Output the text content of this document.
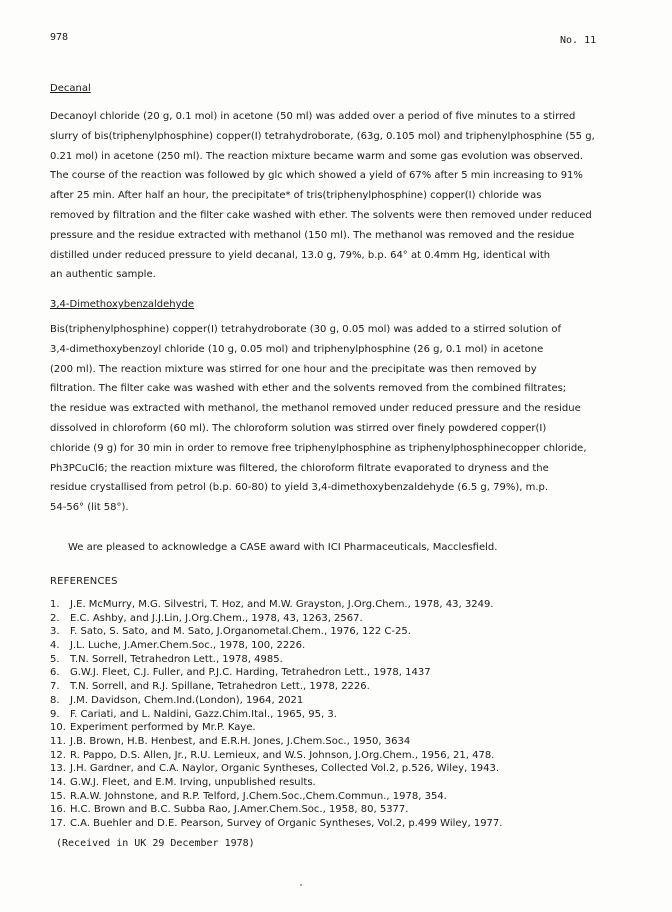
978	No. 11
Decanal
Decanoyl chloride (20 g, 0.1 mol) in acetone (50 ml) was added over a period of five minutes to a stirred
slurry of bis(triphenylphosphine) copper(I) tetrahydroborate, (63g, 0.105 mol) and triphenylphosphine (55 g,
0.21 mol) in acetone (250 ml). The reaction mixture became warm and some gas evolution was observed.
The course of the reaction was followed by glc which showed a yield of 67% after 5 min increasing to 91%
after 25 min. After half an hour, the precipitate* of tris(triphenylphosphine) copper(I) chloride was
removed by filtration and the filter cake washed with ether. The solvents were then removed under reduced
pressure and the residue extracted with methanol (150 ml). The methanol was removed and the residue
distilled under reduced pressure to yield decanal, 13.0 g, 79%, b.p. 64° at 0.4mm Hg, identical with
an authentic sample.
3,4-Dimethoxybenzaldehyde
Bis(triphenylphosphine) copper(I) tetrahydroborate (30 g, 0.05 mol) was added to a stirred solution of
3,4-dimethoxybenzoyl chloride (10 g, 0.05 mol) and triphenylphosphine (26 g, 0.1 mol) in acetone
(200 ml). The reaction mixture was stirred for one hour and the precipitate was then removed by
filtration. The filter cake was washed with ether and the solvents removed from the combined filtrates;
the residue was extracted with methanol, the methanol removed under reduced pressure and the residue
dissolved in chloroform (60 ml). The chloroform solution was stirred over finely powdered copper(I)
chloride (9 g) for 30 min in order to remove free triphenylphosphine as triphenylphosphinecopper chloride,
Ph3PCuCl6; the reaction mixture was filtered, the chloroform filtrate evaporated to dryness and the
residue crystallised from petrol (b.p. 60-80) to yield 3,4-dimethoxybenzaldehyde (6.5 g, 79%), m.p.
54-56° (lit 58°).
We are pleased to acknowledge a CASE award with ICI Pharmaceuticals, Macclesfield.
REFERENCES
1.	J.E. McMurry, M.G. Silvestri, T. Hoz, and M.W. Grayston, J.Org.Chem., 1978, 43, 3249.
2.	E.C. Ashby, and J.J.Lin, J.Org.Chem., 1978, 43, 1263, 2567.
3.	F. Sato, S. Sato, and M. Sato, J.Organometal.Chem., 1976, 122 C-25.
4.	J.L. Luche, J.Amer.Chem.Soc., 1978, 100, 2226.
5.	T.N. Sorrell, Tetrahedron Lett., 1978, 4985.
6.	G.W.J. Fleet, C.J. Fuller, and P.J.C. Harding, Tetrahedron Lett., 1978, 1437
7.	T.N. Sorrell, and R.J. Spillane, Tetrahedron Lett., 1978, 2226.
8.	J.M. Davidson, Chem.Ind.(London), 1964, 2021
9.	F. Cariati, and L. Naldini, Gazz.Chim.Ital., 1965, 95, 3.
10. Experiment performed by Mr.P. Kaye.
11. J.B. Brown, H.B. Henbest, and E.R.H. Jones, J.Chem.Soc., 1950, 3634
12. R. Pappo, D.S. Allen, Jr., R.U. Lemieux, and W.S. Johnson, J.Org.Chem., 1956, 21, 478.
13. J.H. Gardner, and C.A. Naylor, Organic Syntheses, Collected Vol.2, p.526, Wiley, 1943.
14. G.W.J. Fleet, and E.M. Irving, unpublished results.
15. R.A.W. Johnstone, and R.P. Telford, J.Chem.Soc.,Chem.Commun., 1978, 354.
16. H.C. Brown and B.C. Subba Rao, J.Amer.Chem.Soc., 1958, 80, 5377.
17. C.A. Buehler and D.E. Pearson, Survey of Organic Syntheses, Vol.2, p.499 Wiley, 1977.
(Received in UK 29 December 1978)
